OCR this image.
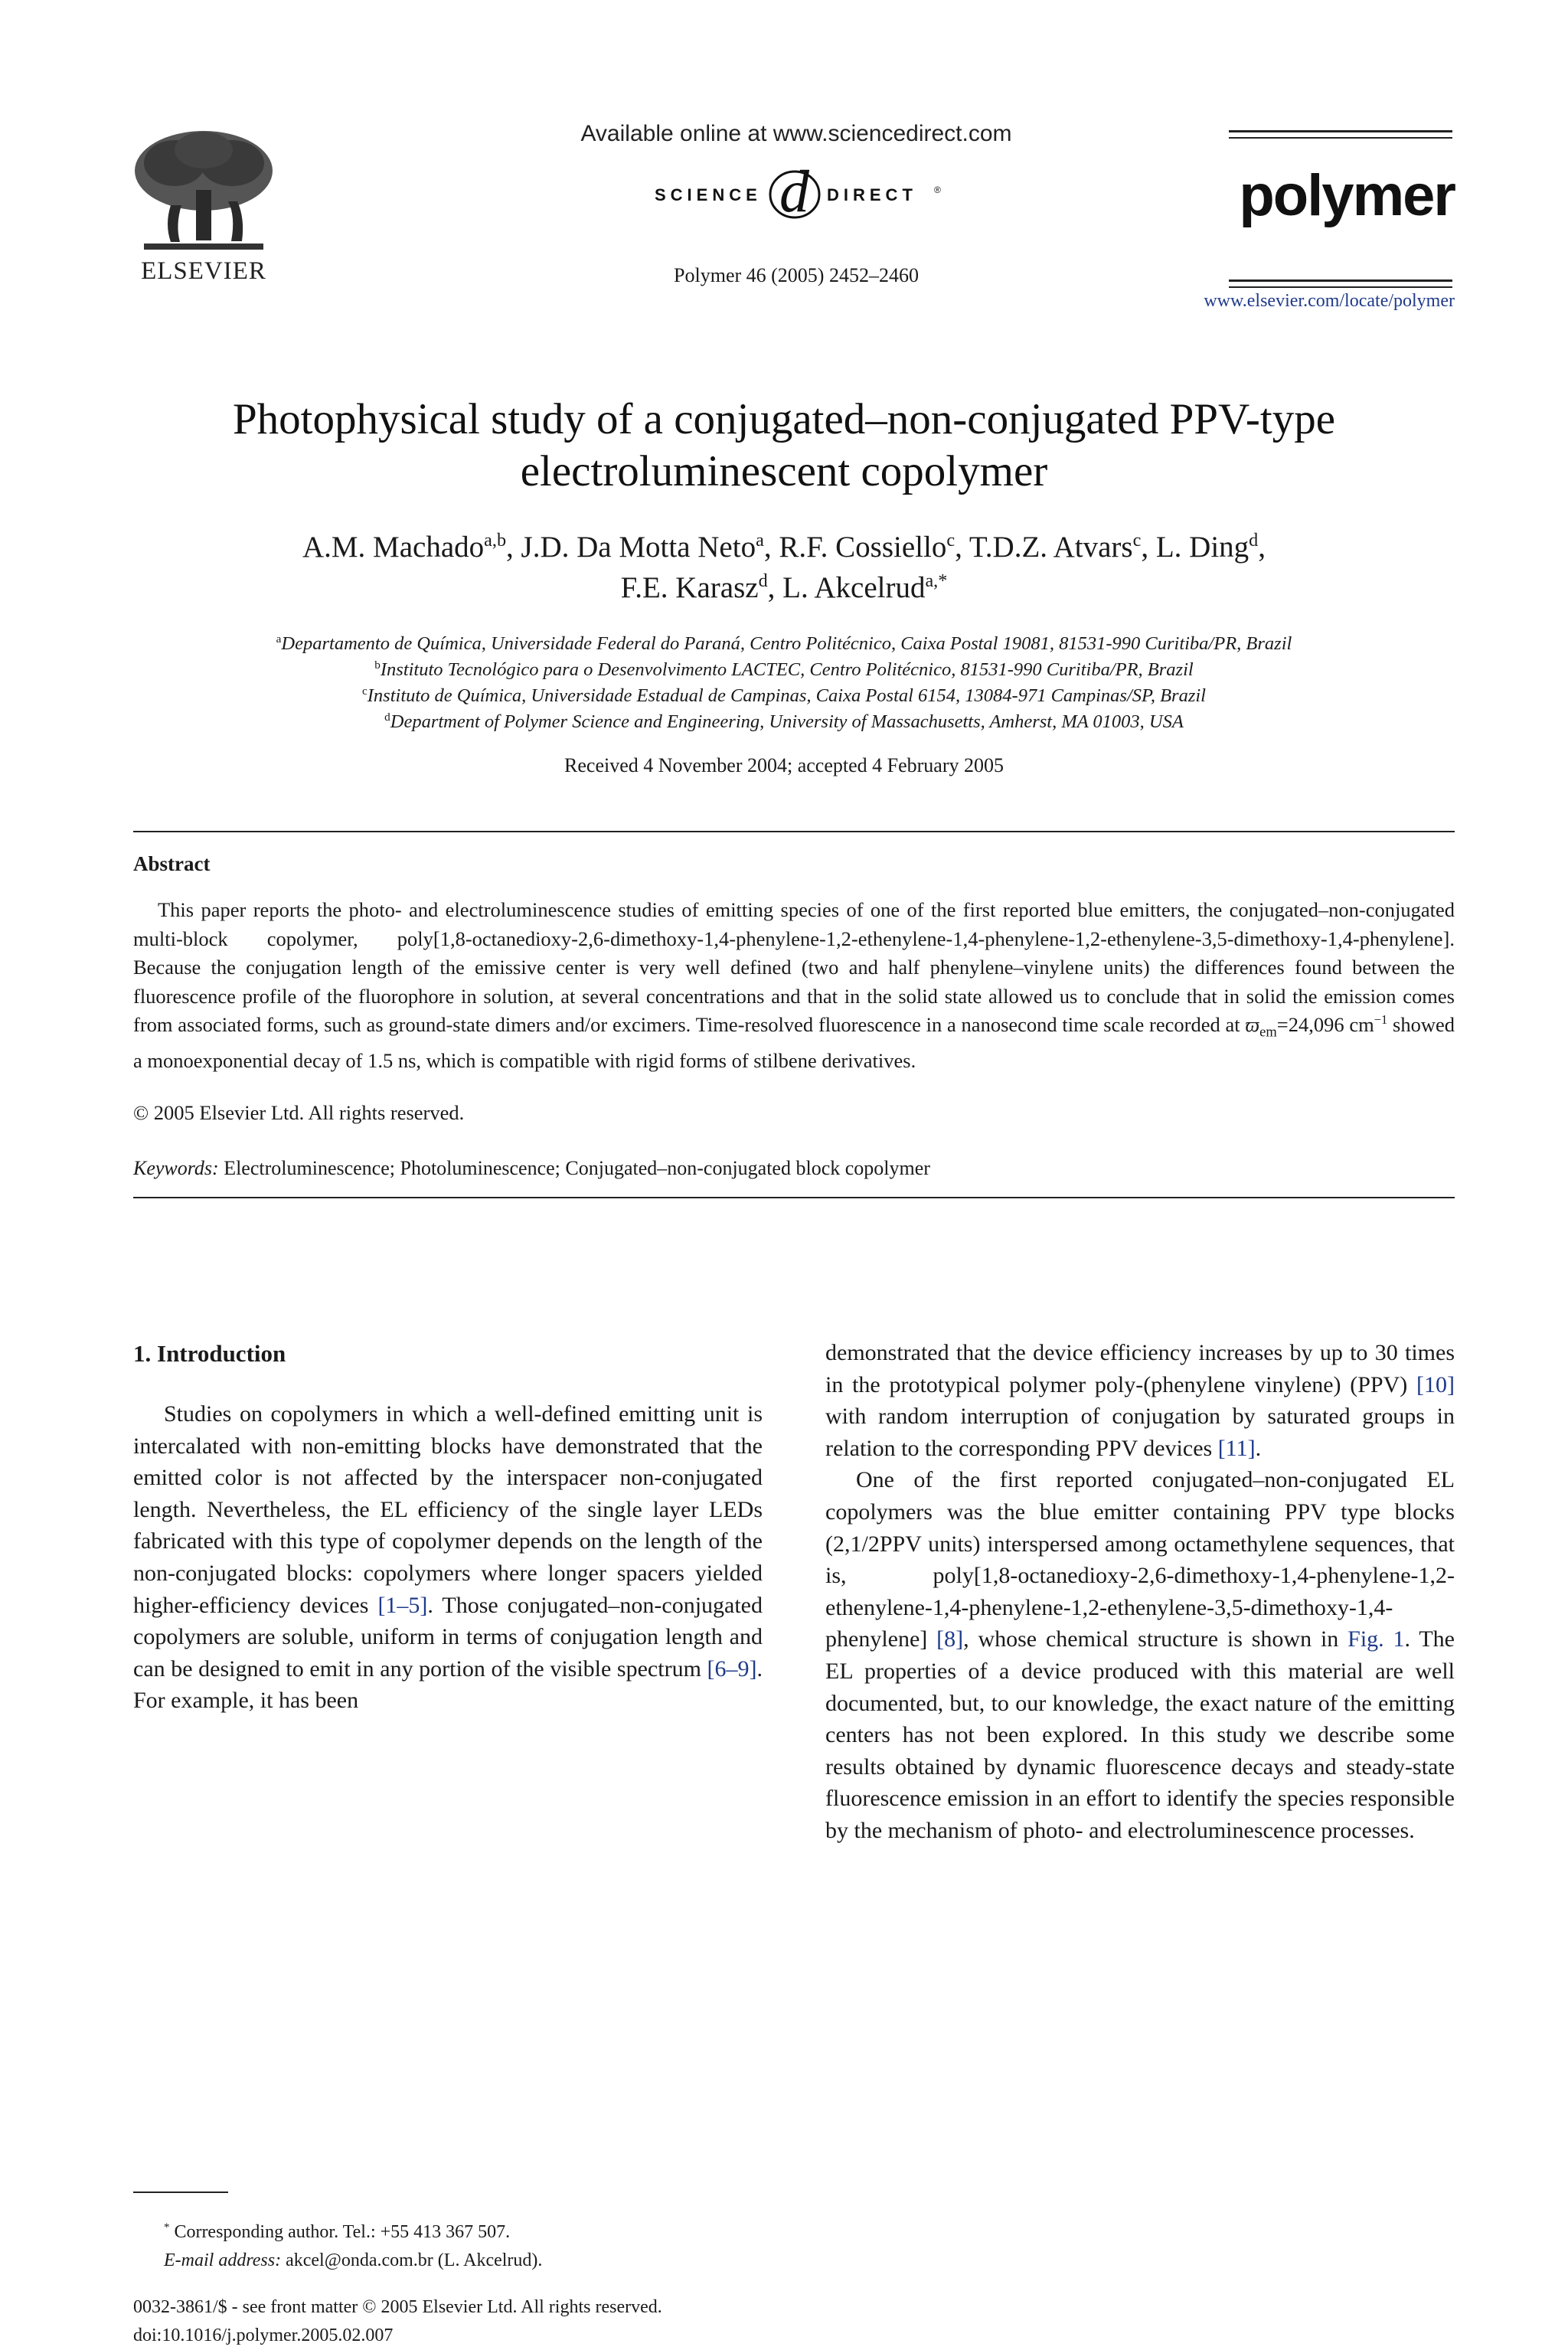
ELSEVIER
Available online at www.sciencedirect.com
SCIENCE d DIRECT ®
Polymer 46 (2005) 2452–2460
polymer
www.elsevier.com/locate/polymer
Photophysical study of a conjugated–non-conjugated PPV-type
electroluminescent copolymer
A.M. Machado$^{a,b}$, J.D. Da Motta Neto$^a$, R.F. Cossiello$^c$, T.D.Z. Atvars$^c$, L. Ding$^d$,
F.E. Karasz$^d$, L. Akcelrud$^{a,*}$
$^a$Departamento de Química, Universidade Federal do Paraná, Centro Politécnico, Caixa Postal 19081, 81531-990 Curitiba/PR, Brazil
$^b$Instituto Tecnológico para o Desenvolvimento LACTEC, Centro Politécnico, 81531-990 Curitiba/PR, Brazil
$^c$Instituto de Química, Universidade Estadual de Campinas, Caixa Postal 6154, 13084-971 Campinas/SP, Brazil
$^d$Department of Polymer Science and Engineering, University of Massachusetts, Amherst, MA 01003, USA
Received 4 November 2004; accepted 4 February 2005
Abstract

This paper reports the photo- and electroluminescence studies of emitting species of one of the first reported blue emitters, the conjugated–non-conjugated multi-block copolymer, poly[1,8-octanedioxy-2,6-dimethoxy-1,4-phenylene-1,2-ethenylene-1,4-phenylene-1,2-ethenylene-3,5-dimethoxy-1,4-phenylene]. Because the conjugation length of the emissive center is very well defined (two and half phenylene–vinylene units) the differences found between the fluorescence profile of the fluorophore in solution, at several concentrations and that in the solid state allowed us to conclude that in solid the emission comes from associated forms, such as ground-state dimers and/or excimers. Time-resolved fluorescence in a nanosecond time scale recorded at $ϖ_{em}=24,096$ $cm^{-1}$ showed a monoexponential decay of 1.5 ns, which is compatible with rigid forms of stilbene derivatives.

© 2005 Elsevier Ltd. All rights reserved.
Keywords: Electroluminescence; Photoluminescence; Conjugated–non-conjugated block copolymer
1. Introduction

Studies on copolymers in which a well-defined emitting unit is intercalated with non-emitting blocks have demonstrated that the emitted color is not affected by the interspacer non-conjugated length. Nevertheless, the EL efficiency of the single layer LEDs fabricated with this type of copolymer depends on the length of the non-conjugated blocks: copolymers where longer spacers yielded higher-efficiency devices [1–5]. Those conjugated–non-conjugated copolymers are soluble, uniform in terms of conjugation length and can be designed to emit in any portion of the visible spectrum [6–9]. For example, it has been

demonstrated that the device efficiency increases by up to 30 times in the prototypical polymer poly-(phenylene vinylene) (PPV) [10] with random interruption of conjugation by saturated groups in relation to the corresponding PPV devices [11].

One of the first reported conjugated–non-conjugated EL copolymers was the blue emitter containing PPV type blocks (2,1/2PPV units) interspersed among octamethylene sequences, that is, poly[1,8-octanedioxy-2,6-dimethoxy-1,4-phenylene-1,2-ethenylene-1,4-phenylene-1,2-ethenylene-3,5-dimethoxy-1,4-phenylene] [8], whose chemical structure is shown in Fig. 1. The EL properties of a device produced with this material are well documented, but, to our knowledge, the exact nature of the emitting centers has not been explored. In this study we describe some results obtained by dynamic fluorescence decays and steady-state fluorescence emission in an effort to identify the species responsible by the mechanism of photo- and electroluminescence processes.

* Corresponding author. Tel.: +55 413 367 507.
E-mail address: akcel@onda.com.br (L. Akcelrud).
0032-3861/$ - see front matter © 2005 Elsevier Ltd. All rights reserved.
doi:10.1016/j.polymer.2005.02.007
